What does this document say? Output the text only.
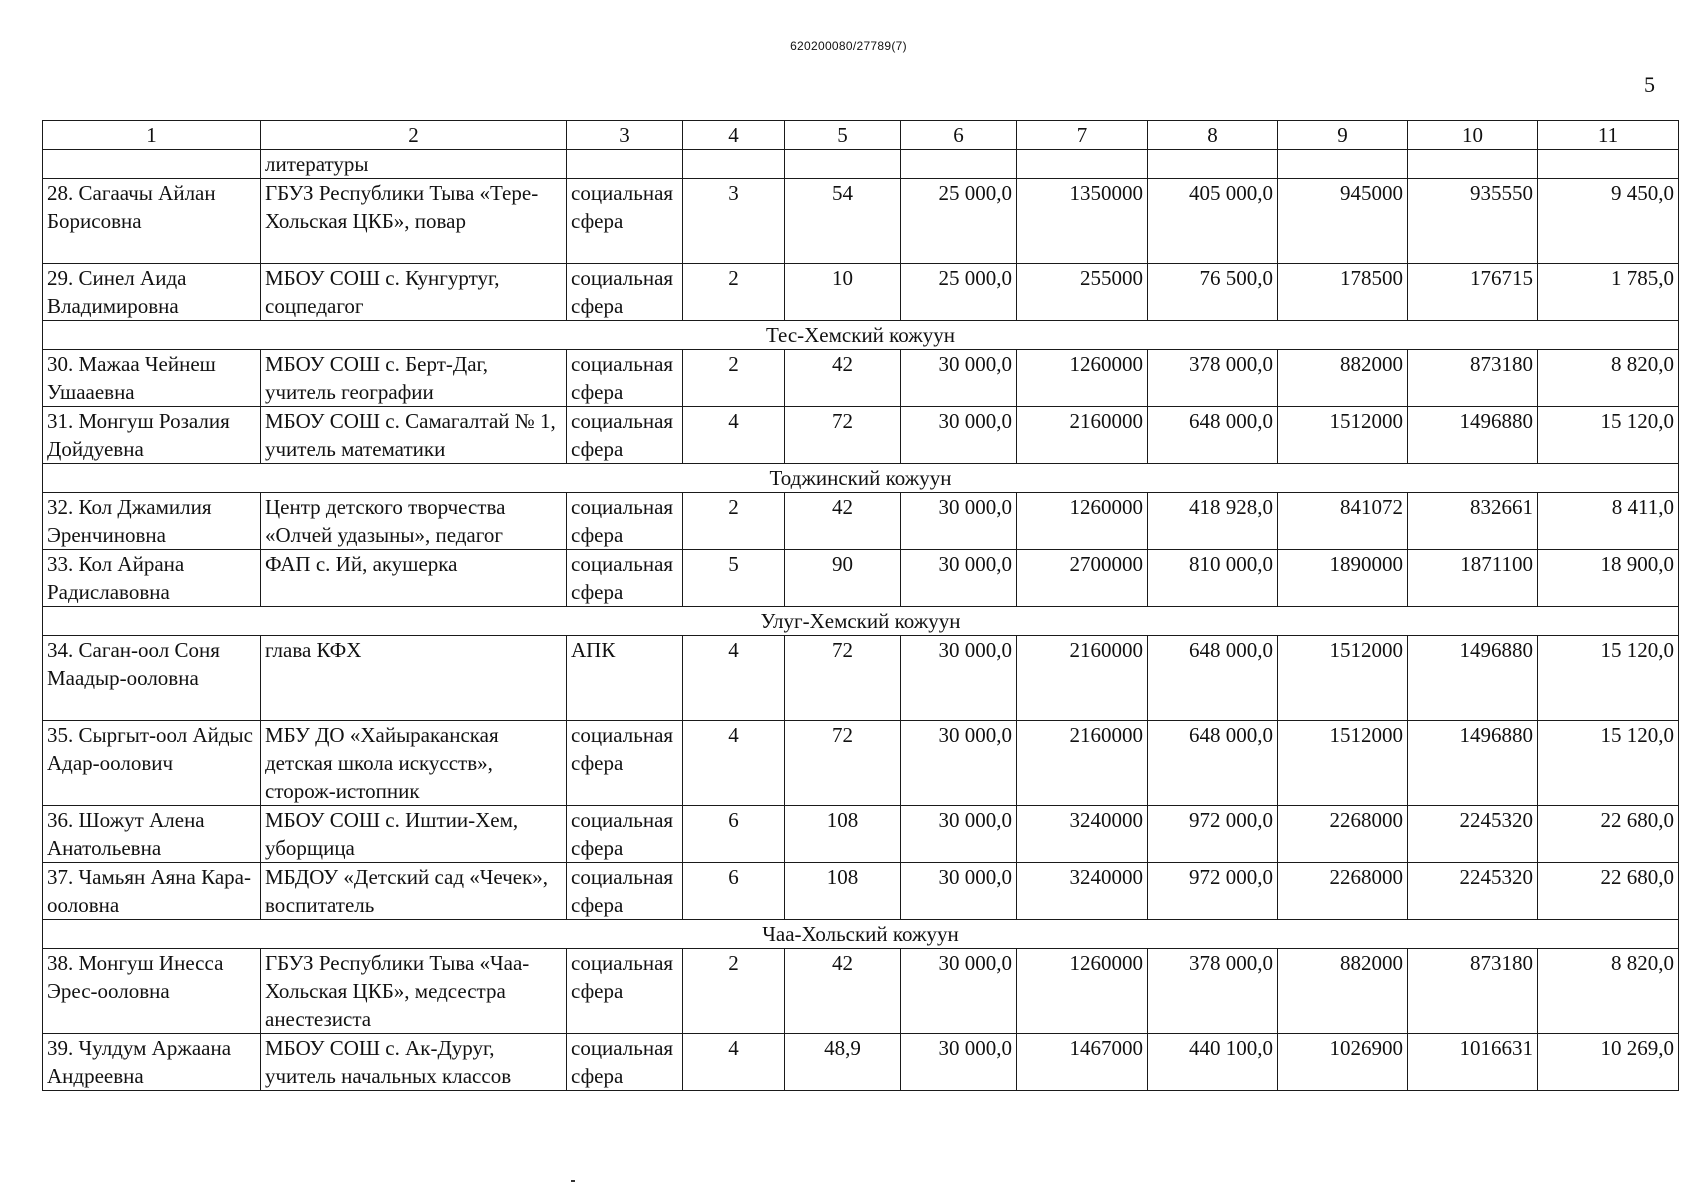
620200080/27789(7)
5
1	2	3	4	5	6	7	8	9	10	11
	литературы									
28. Сагаачы Айлан Борисовна	ГБУЗ Республики Тыва «Тере-Хольская ЦКБ», повар	социальная сфера	3	54	25 000,0	1350000	405 000,0	945000	935550	9 450,0
29. Синел Аида Владимировна	МБОУ СОШ с. Кунгуртуг, соцпедагог	социальная сфера	2	10	25 000,0	255000	76 500,0	178500	176715	1 785,0
Тес-Хемский кожуун										
30. Мажаа Чейнеш Ушааевна	МБОУ СОШ с. Берт-Даг, учитель географии	социальная сфера	2	42	30 000,0	1260000	378 000,0	882000	873180	8 820,0
31. Монгуш Розалия Дойдуевна	МБОУ СОШ с. Самагалтай № 1, учитель математики	социальная сфера	4	72	30 000,0	2160000	648 000,0	1512000	1496880	15 120,0
Тоджинский кожуун										
32. Кол Джамилия Эренчиновна	Центр детского творчества «Олчей удазыны», педагог	социальная сфера	2	42	30 000,0	1260000	418 928,0	841072	832661	8 411,0
33. Кол Айрана Радиславовна	ФАП с. Ий, акушерка	социальная сфера	5	90	30 000,0	2700000	810 000,0	1890000	1871100	18 900,0
Улуг-Хемский кожуун										
34. Саган-оол Соня Маадыр-ооловна	глава КФХ	АПК	4	72	30 000,0	2160000	648 000,0	1512000	1496880	15 120,0
35. Сыргыт-оол Айдыс Адар-оолович	МБУ ДО «Хайыраканская детская школа искусств», сторож-истопник	социальная сфера	4	72	30 000,0	2160000	648 000,0	1512000	1496880	15 120,0
36. Шожут Алена Анатольевна	МБОУ СОШ с. Иштии-Хем, уборщица	социальная сфера	6	108	30 000,0	3240000	972 000,0	2268000	2245320	22 680,0
37. Чамьян Аяна Кара-ооловна	МБДОУ «Детский сад «Чечек», воспитатель	социальная сфера	6	108	30 000,0	3240000	972 000,0	2268000	2245320	22 680,0
Чаа-Хольский кожуун										
38. Монгуш Инесса Эрес-ооловна	ГБУЗ Республики Тыва «Чаа-Хольская ЦКБ», медсестра анестезиста	социальная сфера	2	42	30 000,0	1260000	378 000,0	882000	873180	8 820,0
39. Чулдум Аржаана Андреевна	МБОУ СОШ с. Ак-Дуруг, учитель начальных классов	социальная сфера	4	48,9	30 000,0	1467000	440 100,0	1026900	1016631	10 269,0
